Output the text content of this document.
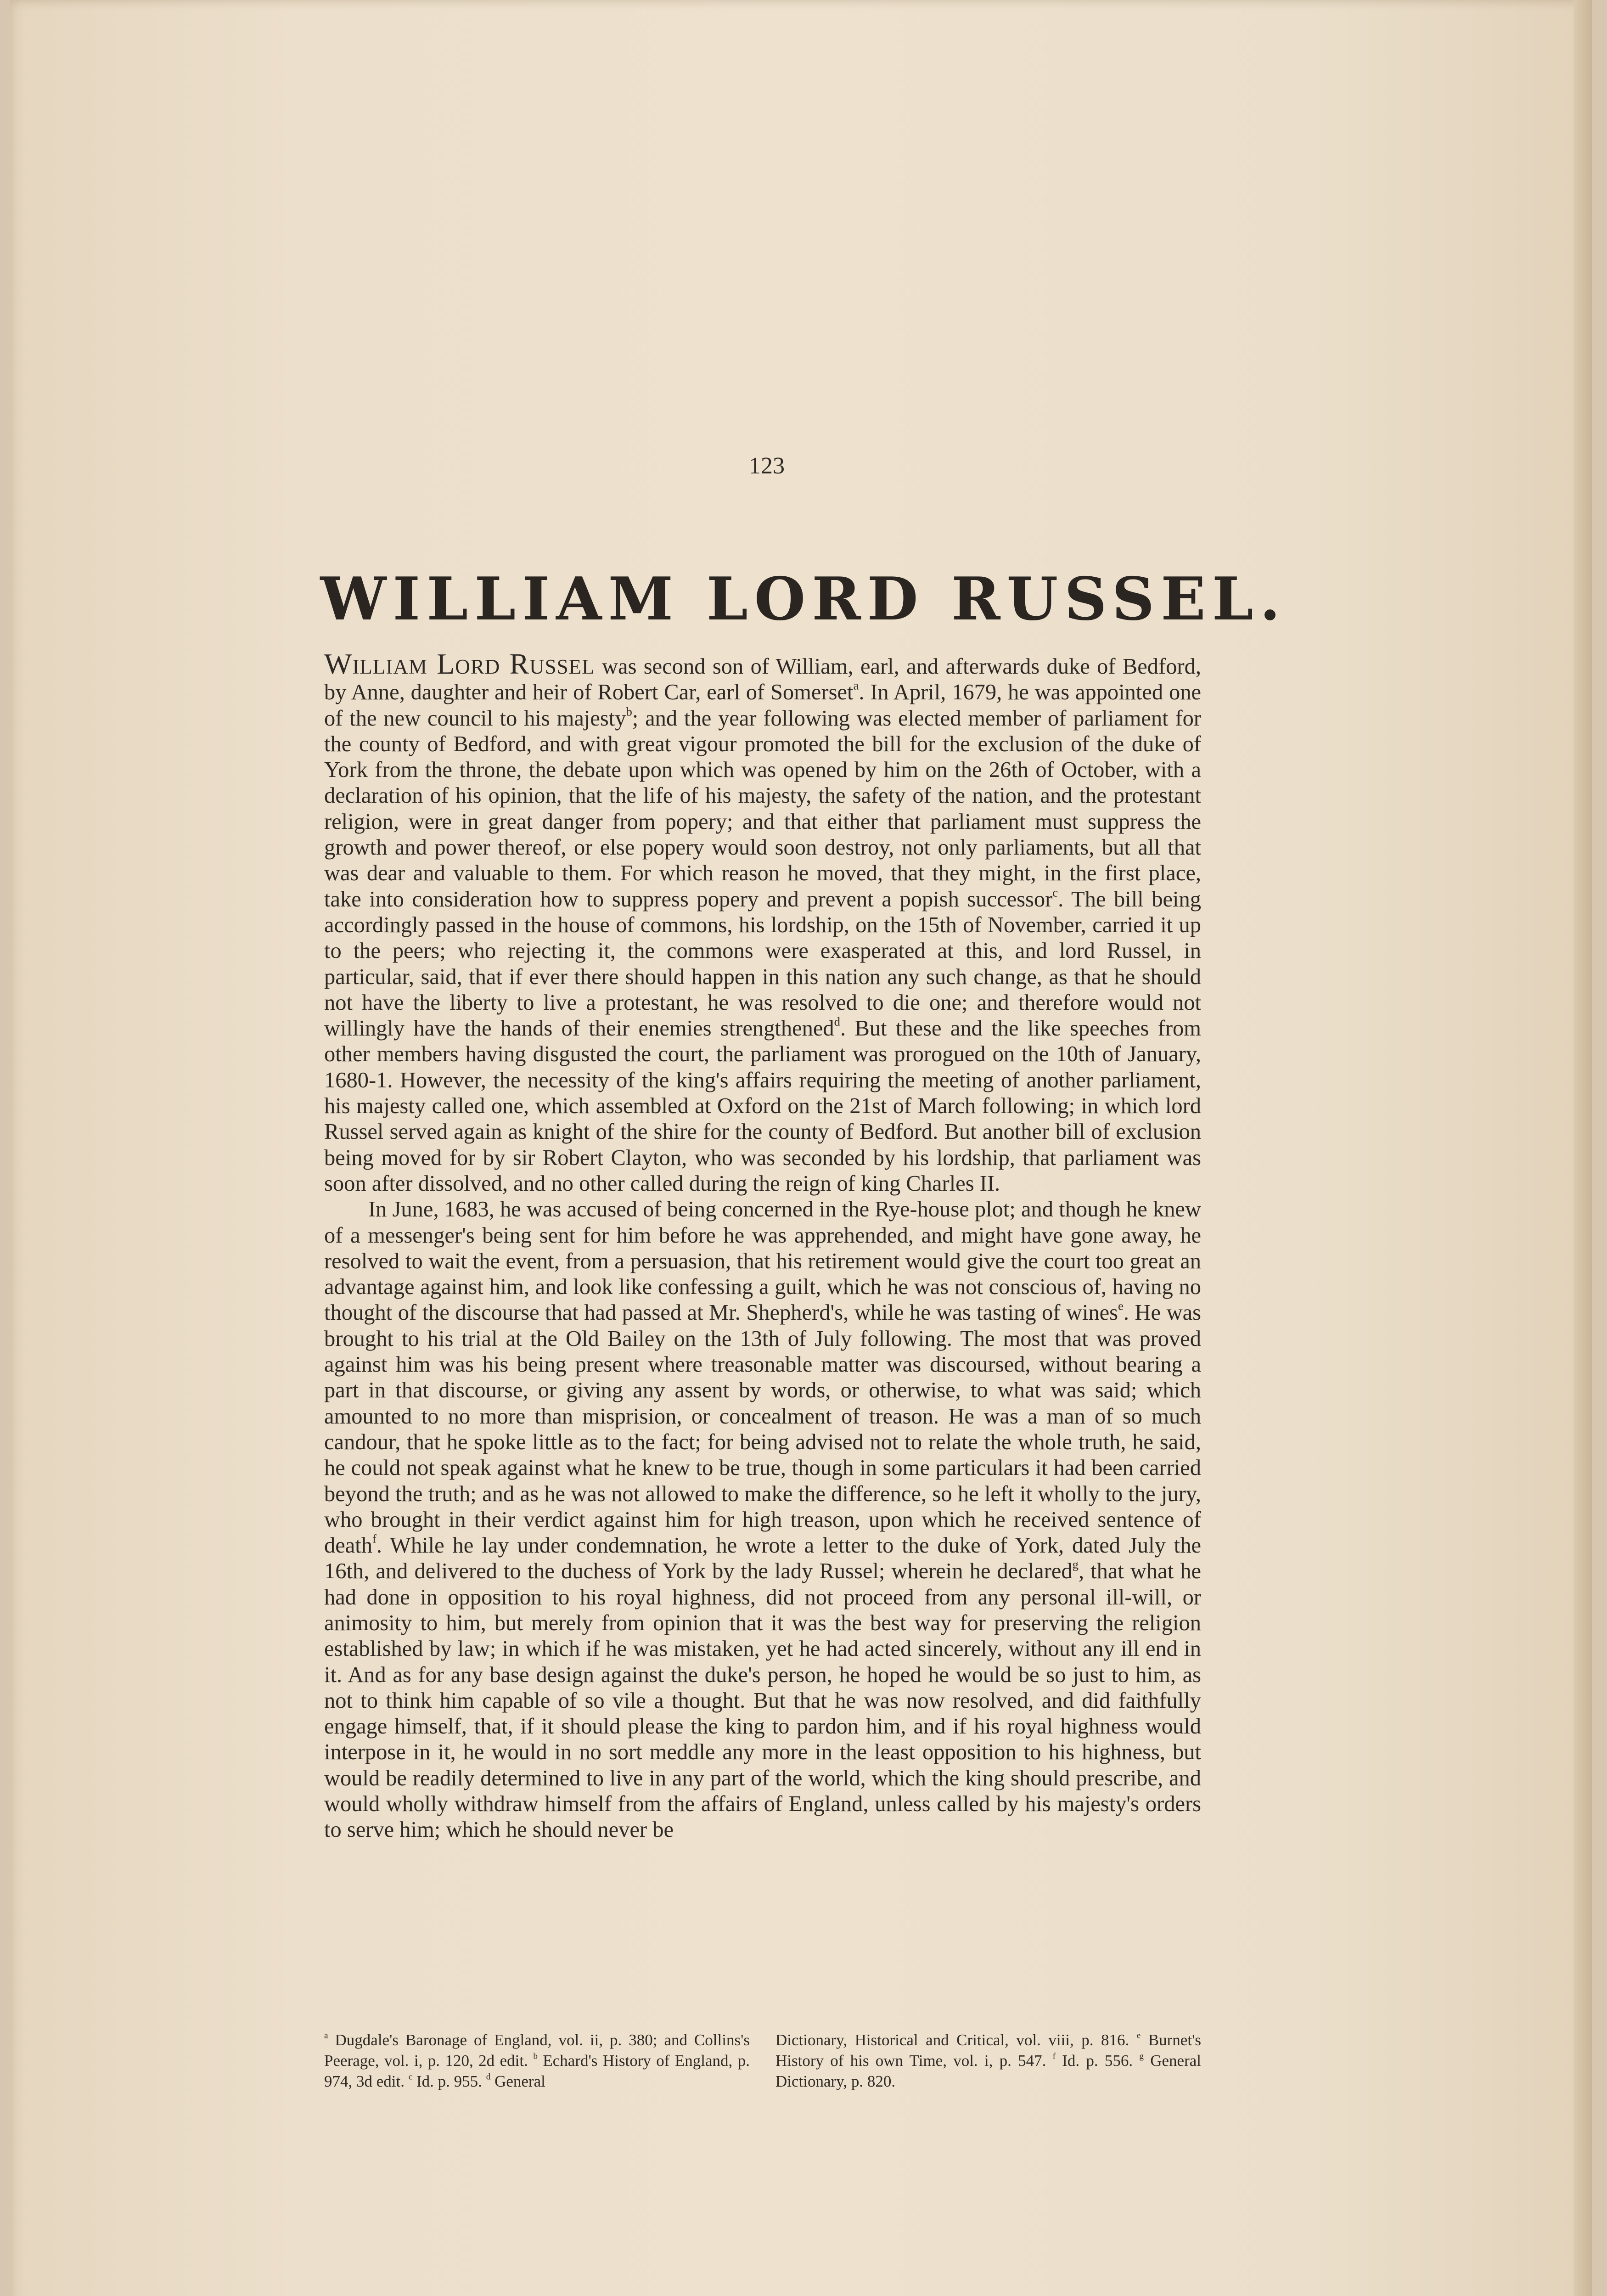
123
WILLIAM LORD RUSSEL.

William Lord Russel was second son of William, earl, and afterwards duke of Bedford, by Anne, daughter and heir of Robert Car, earl of Somerset$^a$. In April, 1679, he was appointed one of the new council to his majesty$^b$; and the year following was elected member of parliament for the county of Bedford, and with great vigour promoted the bill for the exclusion of the duke of York from the throne, the debate upon which was opened by him on the 26th of October, with a declaration of his opinion, that the life of his majesty, the safety of the nation, and the protestant religion, were in great danger from popery; and that either that parliament must suppress the growth and power thereof, or else popery would soon destroy, not only parliaments, but all that was dear and valuable to them. For which reason he moved, that they might, in the first place, take into consideration how to suppress popery and prevent a popish successor$^c$. The bill being accordingly passed in the house of commons, his lordship, on the 15th of November, carried it up to the peers; who rejecting it, the commons were exasperated at this, and lord Russel, in particular, said, that if ever there should happen in this nation any such change, as that he should not have the liberty to live a protestant, he was resolved to die one; and therefore would not willingly have the hands of their enemies strengthened$^d$. But these and the like speeches from other members having disgusted the court, the parliament was prorogued on the 10th of January, 1680-1. However, the necessity of the king's affairs requiring the meeting of another parliament, his majesty called one, which assembled at Oxford on the 21st of March following; in which lord Russel served again as knight of the shire for the county of Bedford. But another bill of exclusion being moved for by sir Robert Clayton, who was seconded by his lordship, that parliament was soon after dissolved, and no other called during the reign of king Charles II.

In June, 1683, he was accused of being concerned in the Rye-house plot; and though he knew of a messenger's being sent for him before he was apprehended, and might have gone away, he resolved to wait the event, from a persuasion, that his retirement would give the court too great an advantage against him, and look like confessing a guilt, which he was not conscious of, having no thought of the discourse that had passed at Mr. Shepherd's, while he was tasting of wines$^e$. He was brought to his trial at the Old Bailey on the 13th of July following. The most that was proved against him was his being present where treasonable matter was discoursed, without bearing a part in that discourse, or giving any assent by words, or otherwise, to what was said; which amounted to no more than misprision, or concealment of treason. He was a man of so much candour, that he spoke little as to the fact; for being advised not to relate the whole truth, he said, he could not speak against what he knew to be true, though in some particulars it had been carried beyond the truth; and as he was not allowed to make the difference, so he left it wholly to the jury, who brought in their verdict against him for high treason, upon which he received sentence of death$^f$. While he lay under condemnation, he wrote a letter to the duke of York, dated July the 16th, and delivered to the duchess of York by the lady Russel; wherein he declared$^g$, that what he had done in opposition to his royal highness, did not proceed from any personal ill-will, or animosity to him, but merely from opinion that it was the best way for preserving the religion established by law; in which if he was mistaken, yet he had acted sincerely, without any ill end in it. And as for any base design against the duke's person, he hoped he would be so just to him, as not to think him capable of so vile a thought. But that he was now resolved, and did faithfully engage himself, that, if it should please the king to pardon him, and if his royal highness would interpose in it, he would in no sort meddle any more in the least opposition to his highness, but would be readily determined to live in any part of the world, which the king should prescribe, and would wholly withdraw himself from the affairs of England, unless called by his majesty's orders to serve him; which he should never be

$^a$ Dugdale's Baronage of England, vol. ii, p. 380; and Collins's Peerage, vol. i, p. 120, 2d edit. $^b$ Echard's History of England, p. 974, 3d edit. $^c$ Id. p. 955. $^d$ General
Dictionary, Historical and Critical, vol. viii, p. 816. $^e$ Burnet's History of his own Time, vol. i, p. 547. $^f$ Id. p. 556. $^g$ General Dictionary, p. 820.
